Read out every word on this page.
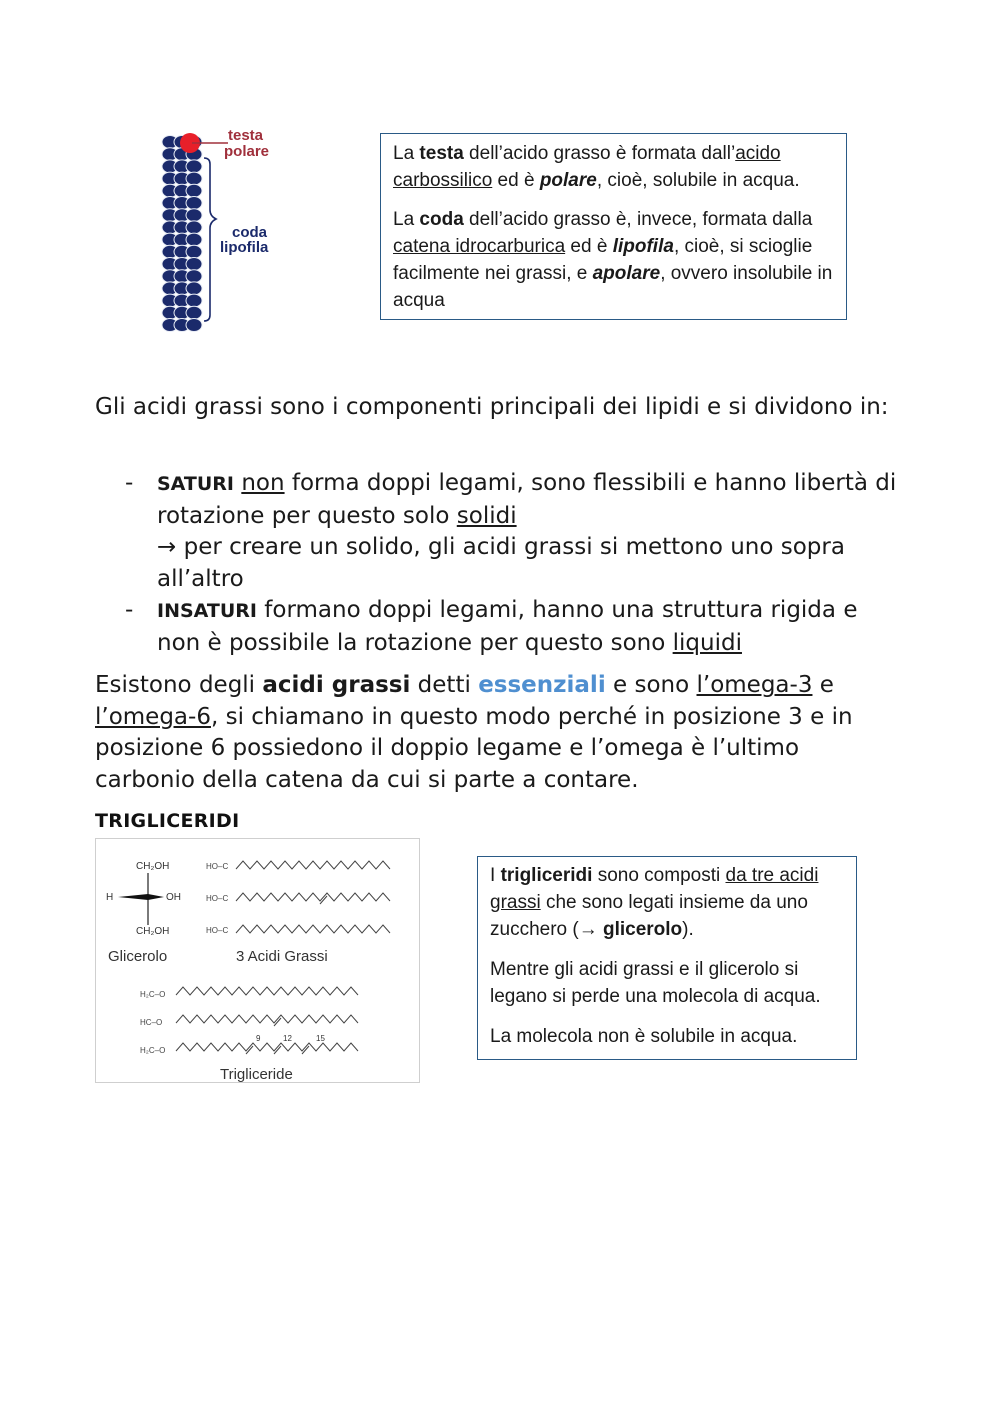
testa
polare
coda
lipofila

La testa dell’acido grasso è formata dall’acido carbossilico ed è polare, cioè, solubile in acqua.

La coda dell’acido grasso è, invece, formata dalla catena idrocarburica ed è lipofila, cioè, si scioglie facilmente nei grassi, e apolare, ovvero insolubile in acqua

Gli acidi grassi sono i componenti principali dei lipidi e si dividono in:

- SATURI non forma doppi legami, sono flessibili e hanno libertà di rotazione per questo solo solidi
→ per creare un solido, gli acidi grassi si mettono uno sopra all’altro
- INSATURI formano doppi legami, hanno una struttura rigida e non è possibile la rotazione per questo sono liquidi

Esistono degli acidi grassi detti essenziali e sono l’omega-3 e l’omega-6, si chiamano in questo modo perché in posizione 3 e in posizione 6 possiedono il doppio legame e l’omega è l’ultimo carbonio della catena da cui si parte a contare.

TRIGLICERIDI
CH₂OH
H	OH
CH₂OH
Glicerolo
HO–C
HO–C
HO–C
3 Acidi Grassi
H₂C–O
HC–O
H₂C–O
Trigliceride
9	12	15

I trigliceridi sono composti da tre acidi grassi che sono legati insieme da uno zucchero (→ glicerolo).

Mentre gli acidi grassi e il glicerolo si legano si perde una molecola di acqua.

La molecola non è solubile in acqua.
